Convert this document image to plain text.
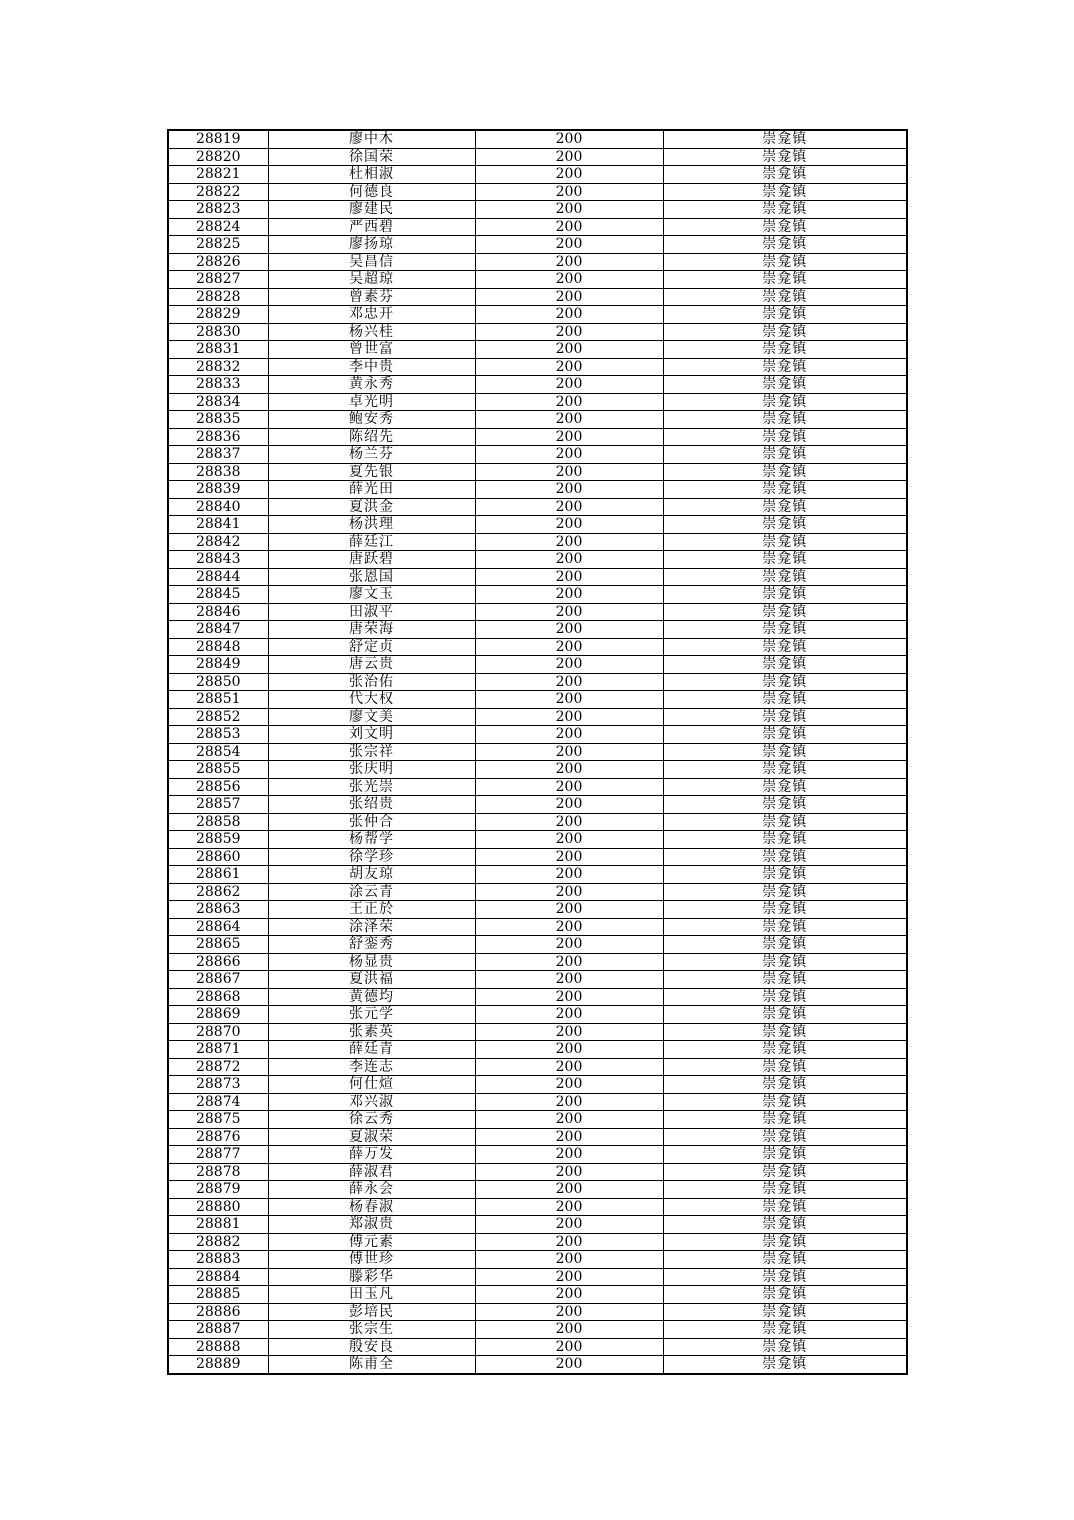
28819	廖中木	200	崇龛镇
28820	徐国荣	200	崇龛镇
28821	杜相淑	200	崇龛镇
28822	何德良	200	崇龛镇
28823	廖建民	200	崇龛镇
28824	严西碧	200	崇龛镇
28825	廖扬琼	200	崇龛镇
28826	吴昌信	200	崇龛镇
28827	吴超琼	200	崇龛镇
28828	曾素芬	200	崇龛镇
28829	邓忠开	200	崇龛镇
28830	杨兴桂	200	崇龛镇
28831	曾世富	200	崇龛镇
28832	李中贵	200	崇龛镇
28833	黄永秀	200	崇龛镇
28834	卓光明	200	崇龛镇
28835	鲍安秀	200	崇龛镇
28836	陈绍先	200	崇龛镇
28837	杨兰芬	200	崇龛镇
28838	夏先银	200	崇龛镇
28839	薛光田	200	崇龛镇
28840	夏洪金	200	崇龛镇
28841	杨洪理	200	崇龛镇
28842	薛廷江	200	崇龛镇
28843	唐跃碧	200	崇龛镇
28844	张恩国	200	崇龛镇
28845	廖文玉	200	崇龛镇
28846	田淑平	200	崇龛镇
28847	唐荣海	200	崇龛镇
28848	舒定贞	200	崇龛镇
28849	唐云贵	200	崇龛镇
28850	张治佑	200	崇龛镇
28851	代大权	200	崇龛镇
28852	廖文美	200	崇龛镇
28853	刘文明	200	崇龛镇
28854	张宗祥	200	崇龛镇
28855	张庆明	200	崇龛镇
28856	张光崇	200	崇龛镇
28857	张绍贵	200	崇龛镇
28858	张仲合	200	崇龛镇
28859	杨帮学	200	崇龛镇
28860	徐学珍	200	崇龛镇
28861	胡友琼	200	崇龛镇
28862	涂云青	200	崇龛镇
28863	王正於	200	崇龛镇
28864	涂泽荣	200	崇龛镇
28865	舒銮秀	200	崇龛镇
28866	杨显贵	200	崇龛镇
28867	夏洪福	200	崇龛镇
28868	黄德均	200	崇龛镇
28869	张元学	200	崇龛镇
28870	张素英	200	崇龛镇
28871	薛廷青	200	崇龛镇
28872	李连志	200	崇龛镇
28873	何仕煊	200	崇龛镇
28874	邓兴淑	200	崇龛镇
28875	徐云秀	200	崇龛镇
28876	夏淑荣	200	崇龛镇
28877	薛万发	200	崇龛镇
28878	薛淑君	200	崇龛镇
28879	薛永会	200	崇龛镇
28880	杨春淑	200	崇龛镇
28881	郑淑贵	200	崇龛镇
28882	傅元素	200	崇龛镇
28883	傅世珍	200	崇龛镇
28884	滕彩华	200	崇龛镇
28885	田玉凡	200	崇龛镇
28886	彭培民	200	崇龛镇
28887	张宗生	200	崇龛镇
28888	殷安良	200	崇龛镇
28889	陈甫全	200	崇龛镇
